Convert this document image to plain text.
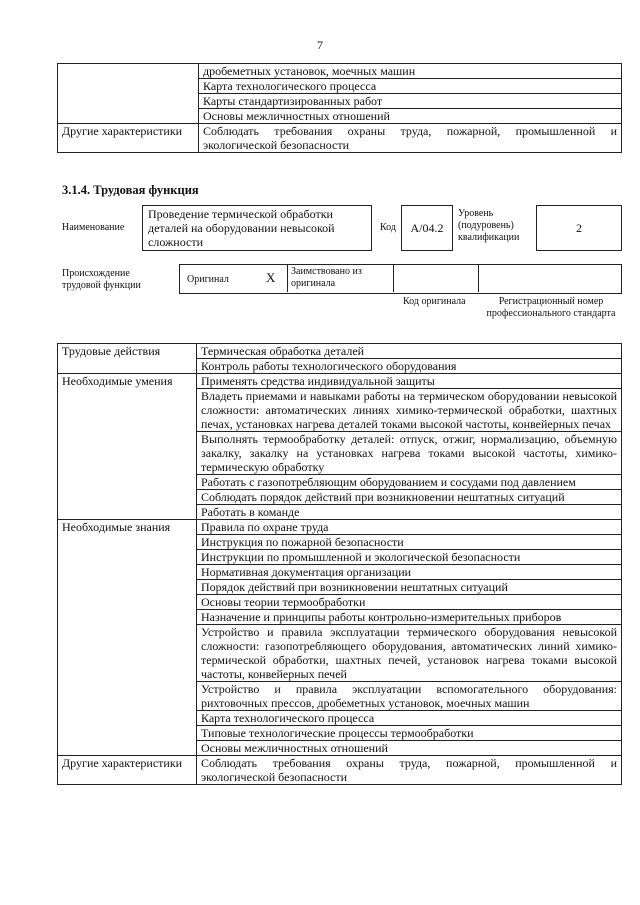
7
	дробеметных установок, моечных машин
	Карта технологического процесса
	Карты стандартизированных работ
	Основы межличностных отношений
Другие характеристики	Соблюдать требования охраны труда, пожарной, промышленной и экологической безопасности
3.1.4. Трудовая функция
Наименование
Проведение термической обработки деталей на оборудовании невысокой сложности
Код A/04.2
Уровень (подуровень) квалификации
2
Происхождение трудовой функции
Оригинал	X Заимствовано из оригинала
Код оригинала	Регистрационный номер профессионального стандарта
Трудовые действия	Термическая обработка деталей
	Контроль работы технологического оборудования
Необходимые умения	Применять средства индивидуальной защиты
	Владеть приемами и навыками работы на термическом оборудовании невысокой сложности: автоматических линиях химико-термической обработки, шахтных печах, установках нагрева деталей токами высокой частоты, конвейерных печах
	Выполнять термообработку деталей: отпуск, отжиг, нормализацию, объемную закалку, закалку на установках нагрева токами высокой частоты, химико-термическую обработку
	Работать с газопотребляющим оборудованием и сосудами под давлением
	Соблюдать порядок действий при возникновении нештатных ситуаций
	Работать в команде
Необходимые знания	Правила по охране труда
	Инструкция по пожарной безопасности
	Инструкции по промышленной и экологической безопасности
	Нормативная документация организации
	Порядок действий при возникновении нештатных ситуаций
	Основы теории термообработки
	Назначение и принципы работы контрольно-измерительных приборов
	Устройство и правила эксплуатации термического оборудования невысокой сложности: газопотребляющего оборудования, автоматических линий химико-термической обработки, шахтных печей, установок нагрева токами высокой частоты, конвейерных печей
	Устройство и правила эксплуатации вспомогательного оборудования: рихтовочных прессов, дробеметных установок, моечных машин
	Карта технологического процесса
	Типовые технологические процессы термообработки
	Основы межличностных отношений
Другие характеристики	Соблюдать требования охраны труда, пожарной, промышленной и экологической безопасности
